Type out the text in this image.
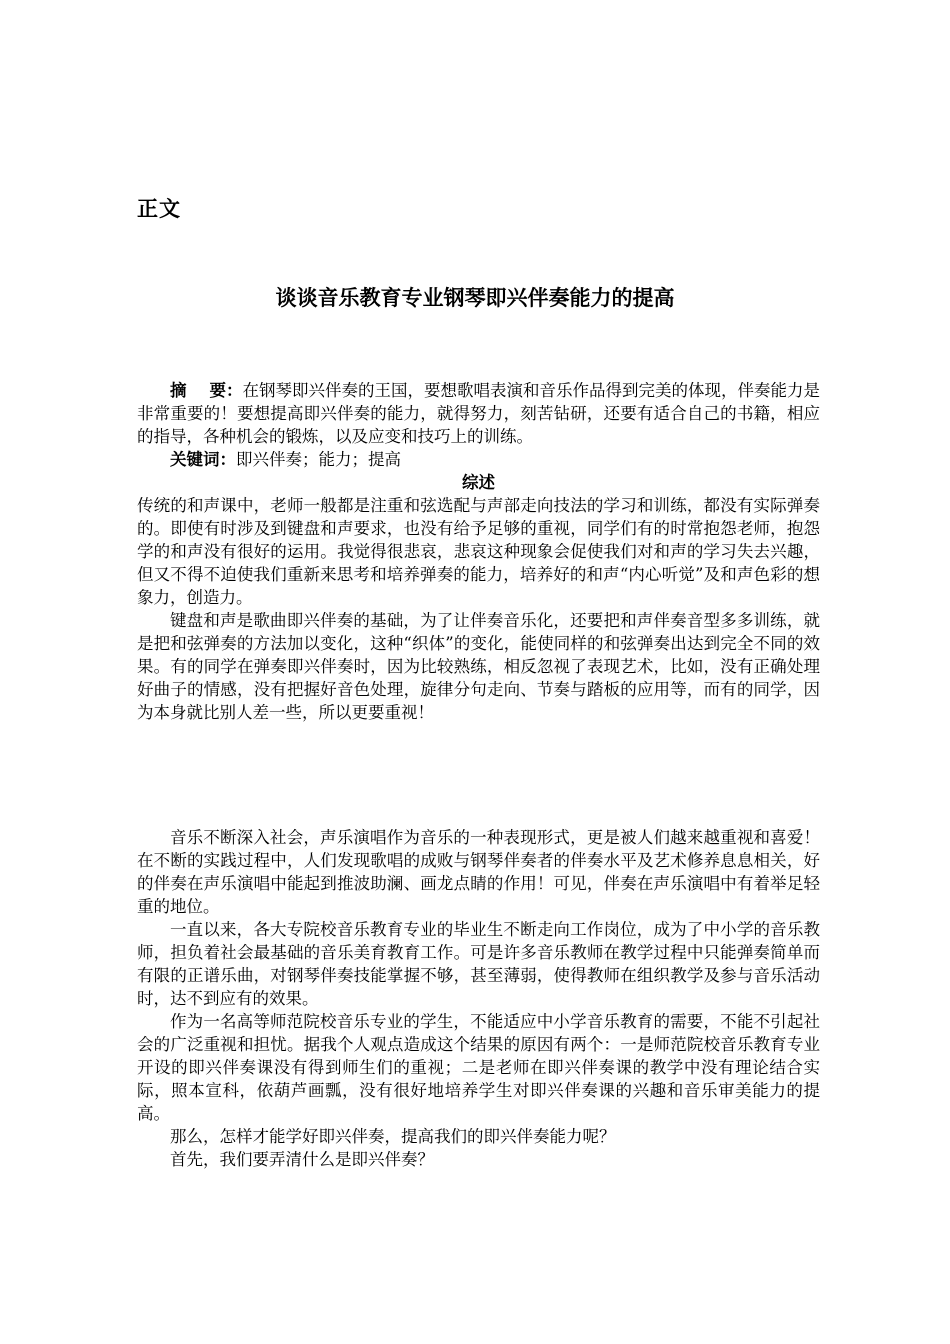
正文
谈谈音乐教育专业钢琴即兴伴奏能力的提高

摘    要：在钢琴即兴伴奏的王国，要想歌唱表演和音乐作品得到完美的体现，伴奏能力是非常重要的！要想提高即兴伴奏的能力，就得努力，刻苦钻研，还要有适合自己的书籍，相应的指导，各种机会的锻炼，以及应变和技巧上的训练。

关键词：即兴伴奏；能力；提高

综述

传统的和声课中，老师一般都是注重和弦选配与声部走向技法的学习和训练，都没有实际弹奏的。即使有时涉及到键盘和声要求，也没有给予足够的重视，同学们有的时常抱怨老师，抱怨学的和声没有很好的运用。我觉得很悲哀，悲哀这种现象会促使我们对和声的学习失去兴趣，但又不得不迫使我们重新来思考和培养弹奏的能力，培养好的和声“内心听觉”及和声色彩的想象力，创造力。

键盘和声是歌曲即兴伴奏的基础，为了让伴奏音乐化，还要把和声伴奏音型多多训练，就是把和弦弹奏的方法加以变化，这种“织体”的变化，能使同样的和弦弹奏出达到完全不同的效果。有的同学在弹奏即兴伴奏时，因为比较熟练，相反忽视了表现艺术，比如，没有正确处理好曲子的情感，没有把握好音色处理，旋律分句走向、节奏与踏板的应用等，而有的同学，因为本身就比别人差一些，所以更要重视！

音乐不断深入社会，声乐演唱作为音乐的一种表现形式，更是被人们越来越重视和喜爱！在不断的实践过程中，人们发现歌唱的成败与钢琴伴奏者的伴奏水平及艺术修养息息相关，好的伴奏在声乐演唱中能起到推波助澜、画龙点睛的作用！可见，伴奏在声乐演唱中有着举足轻重的地位。

一直以来，各大专院校音乐教育专业的毕业生不断走向工作岗位，成为了中小学的音乐教师，担负着社会最基础的音乐美育教育工作。可是许多音乐教师在教学过程中只能弹奏简单而有限的正谱乐曲，对钢琴伴奏技能掌握不够，甚至薄弱，使得教师在组织教学及参与音乐活动时，达不到应有的效果。

作为一名高等师范院校音乐专业的学生，不能适应中小学音乐教育的需要，不能不引起社会的广泛重视和担忧。据我个人观点造成这个结果的原因有两个：一是师范院校音乐教育专业开设的即兴伴奏课没有得到师生们的重视；二是老师在即兴伴奏课的教学中没有理论结合实际，照本宣科，依葫芦画瓢，没有很好地培养学生对即兴伴奏课的兴趣和音乐审美能力的提高。

那么，怎样才能学好即兴伴奏，提高我们的即兴伴奏能力呢？

首先，我们要弄清什么是即兴伴奏？
